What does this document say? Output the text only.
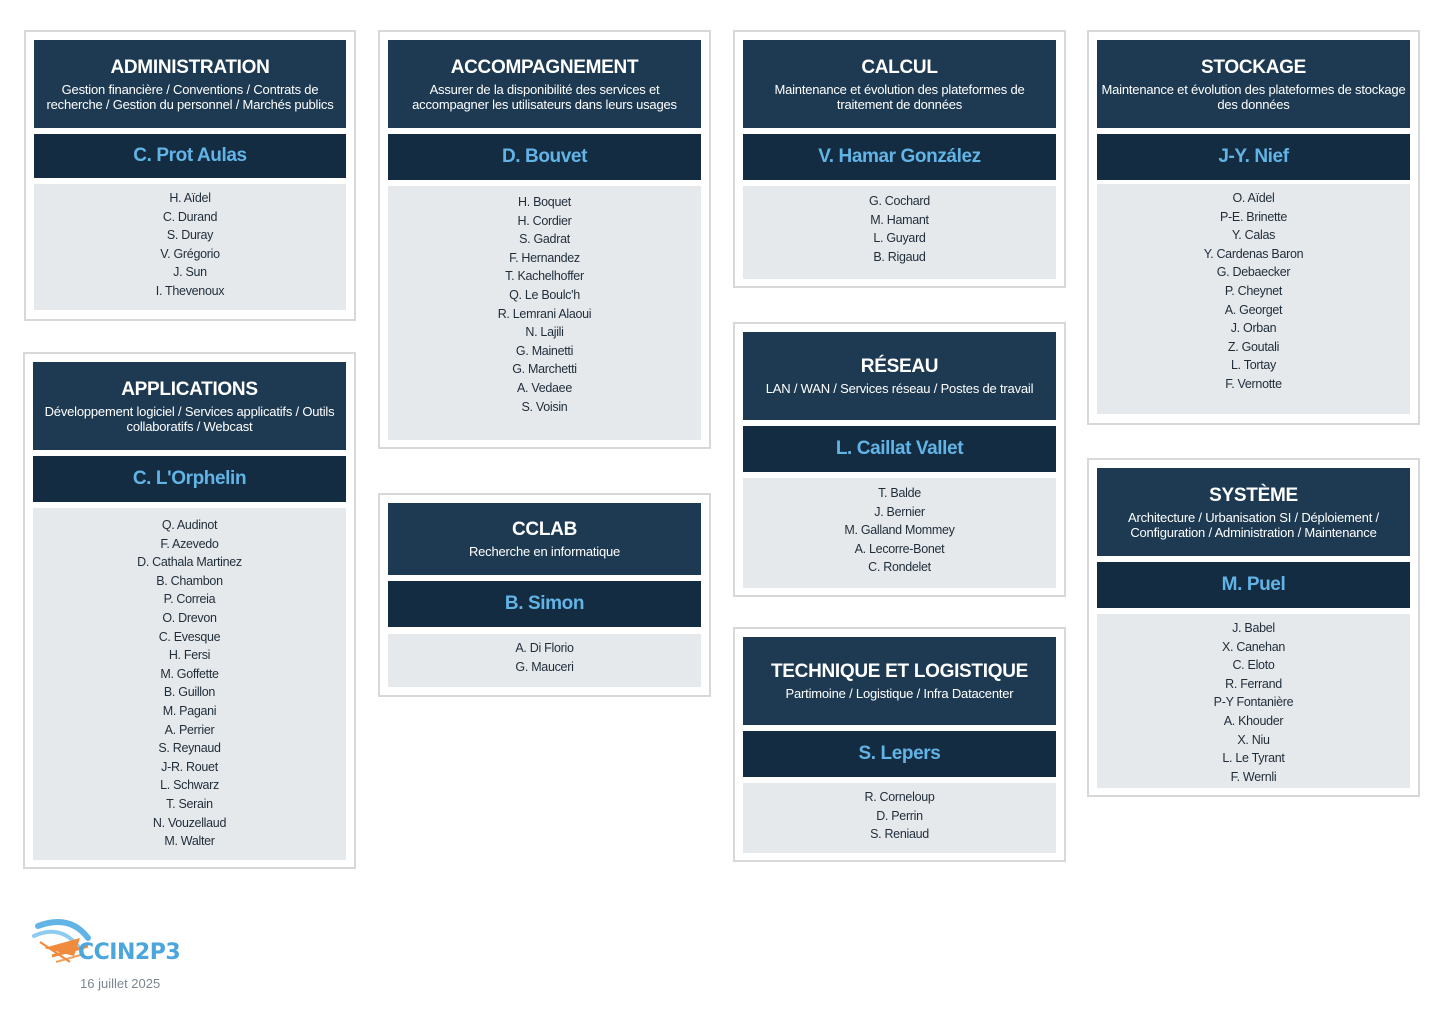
ADMINISTRATION
Gestion financière / Conventions / Contrats de recherche / Gestion du personnel / Marchés publics
C. Prot Aulas
H. Aïdel
C. Durand
S. Duray
V. Grégorio
J. Sun
I. Thevenoux
ACCOMPAGNEMENT
Assurer de la disponibilité des services et accompagner les utilisateurs dans leurs usages
D. Bouvet
H. Boquet
H. Cordier
S. Gadrat
F. Hernandez
T. Kachelhoffer
Q. Le Boulc'h
R. Lemrani Alaoui
N. Lajili
G. Mainetti
G. Marchetti
A. Vedaee
S. Voisin
CALCUL
Maintenance et évolution des plateformes de traitement de données
V. Hamar González
G. Cochard
M. Hamant
L. Guyard
B. Rigaud
STOCKAGE
Maintenance et évolution des plateformes de stockage des données
J-Y. Nief
O. Aïdel
P-E. Brinette
Y. Calas
Y. Cardenas Baron
G. Debaecker
P. Cheynet
A. Georget
J. Orban
Z. Goutali
L. Tortay
F. Vernotte
APPLICATIONS
Développement logiciel / Services applicatifs / Outils collaboratifs / Webcast
C. L'Orphelin
Q. Audinot
F. Azevedo
D. Cathala Martinez
B. Chambon
P. Correia
O. Drevon
C. Evesque
H. Fersi
M. Goffette
B. Guillon
M. Pagani
A. Perrier
S. Reynaud
J-R. Rouet
L. Schwarz
T. Serain
N. Vouzellaud
M. Walter
RÉSEAU
LAN / WAN / Services réseau / Postes de travail
L. Caillat Vallet
T. Balde
J. Bernier
M. Galland Mommey
A. Lecorre-Bonet
C. Rondelet
CCLAB
Recherche en informatique
B. Simon
A. Di Florio
G. Mauceri
SYSTÈME
Architecture / Urbanisation SI / Déploiement / Configuration / Administration / Maintenance
M. Puel
J. Babel
X. Canehan
C. Eloto
R. Ferrand
P-Y Fontanière
A. Khouder
X. Niu
L. Le Tyrant
F. Wernli
TECHNIQUE ET LOGISTIQUE
Partimoine / Logistique / Infra Datacenter
S. Lepers
R. Corneloup
D. Perrin
S. Reniaud
CCIN2P3
16 juillet 2025
